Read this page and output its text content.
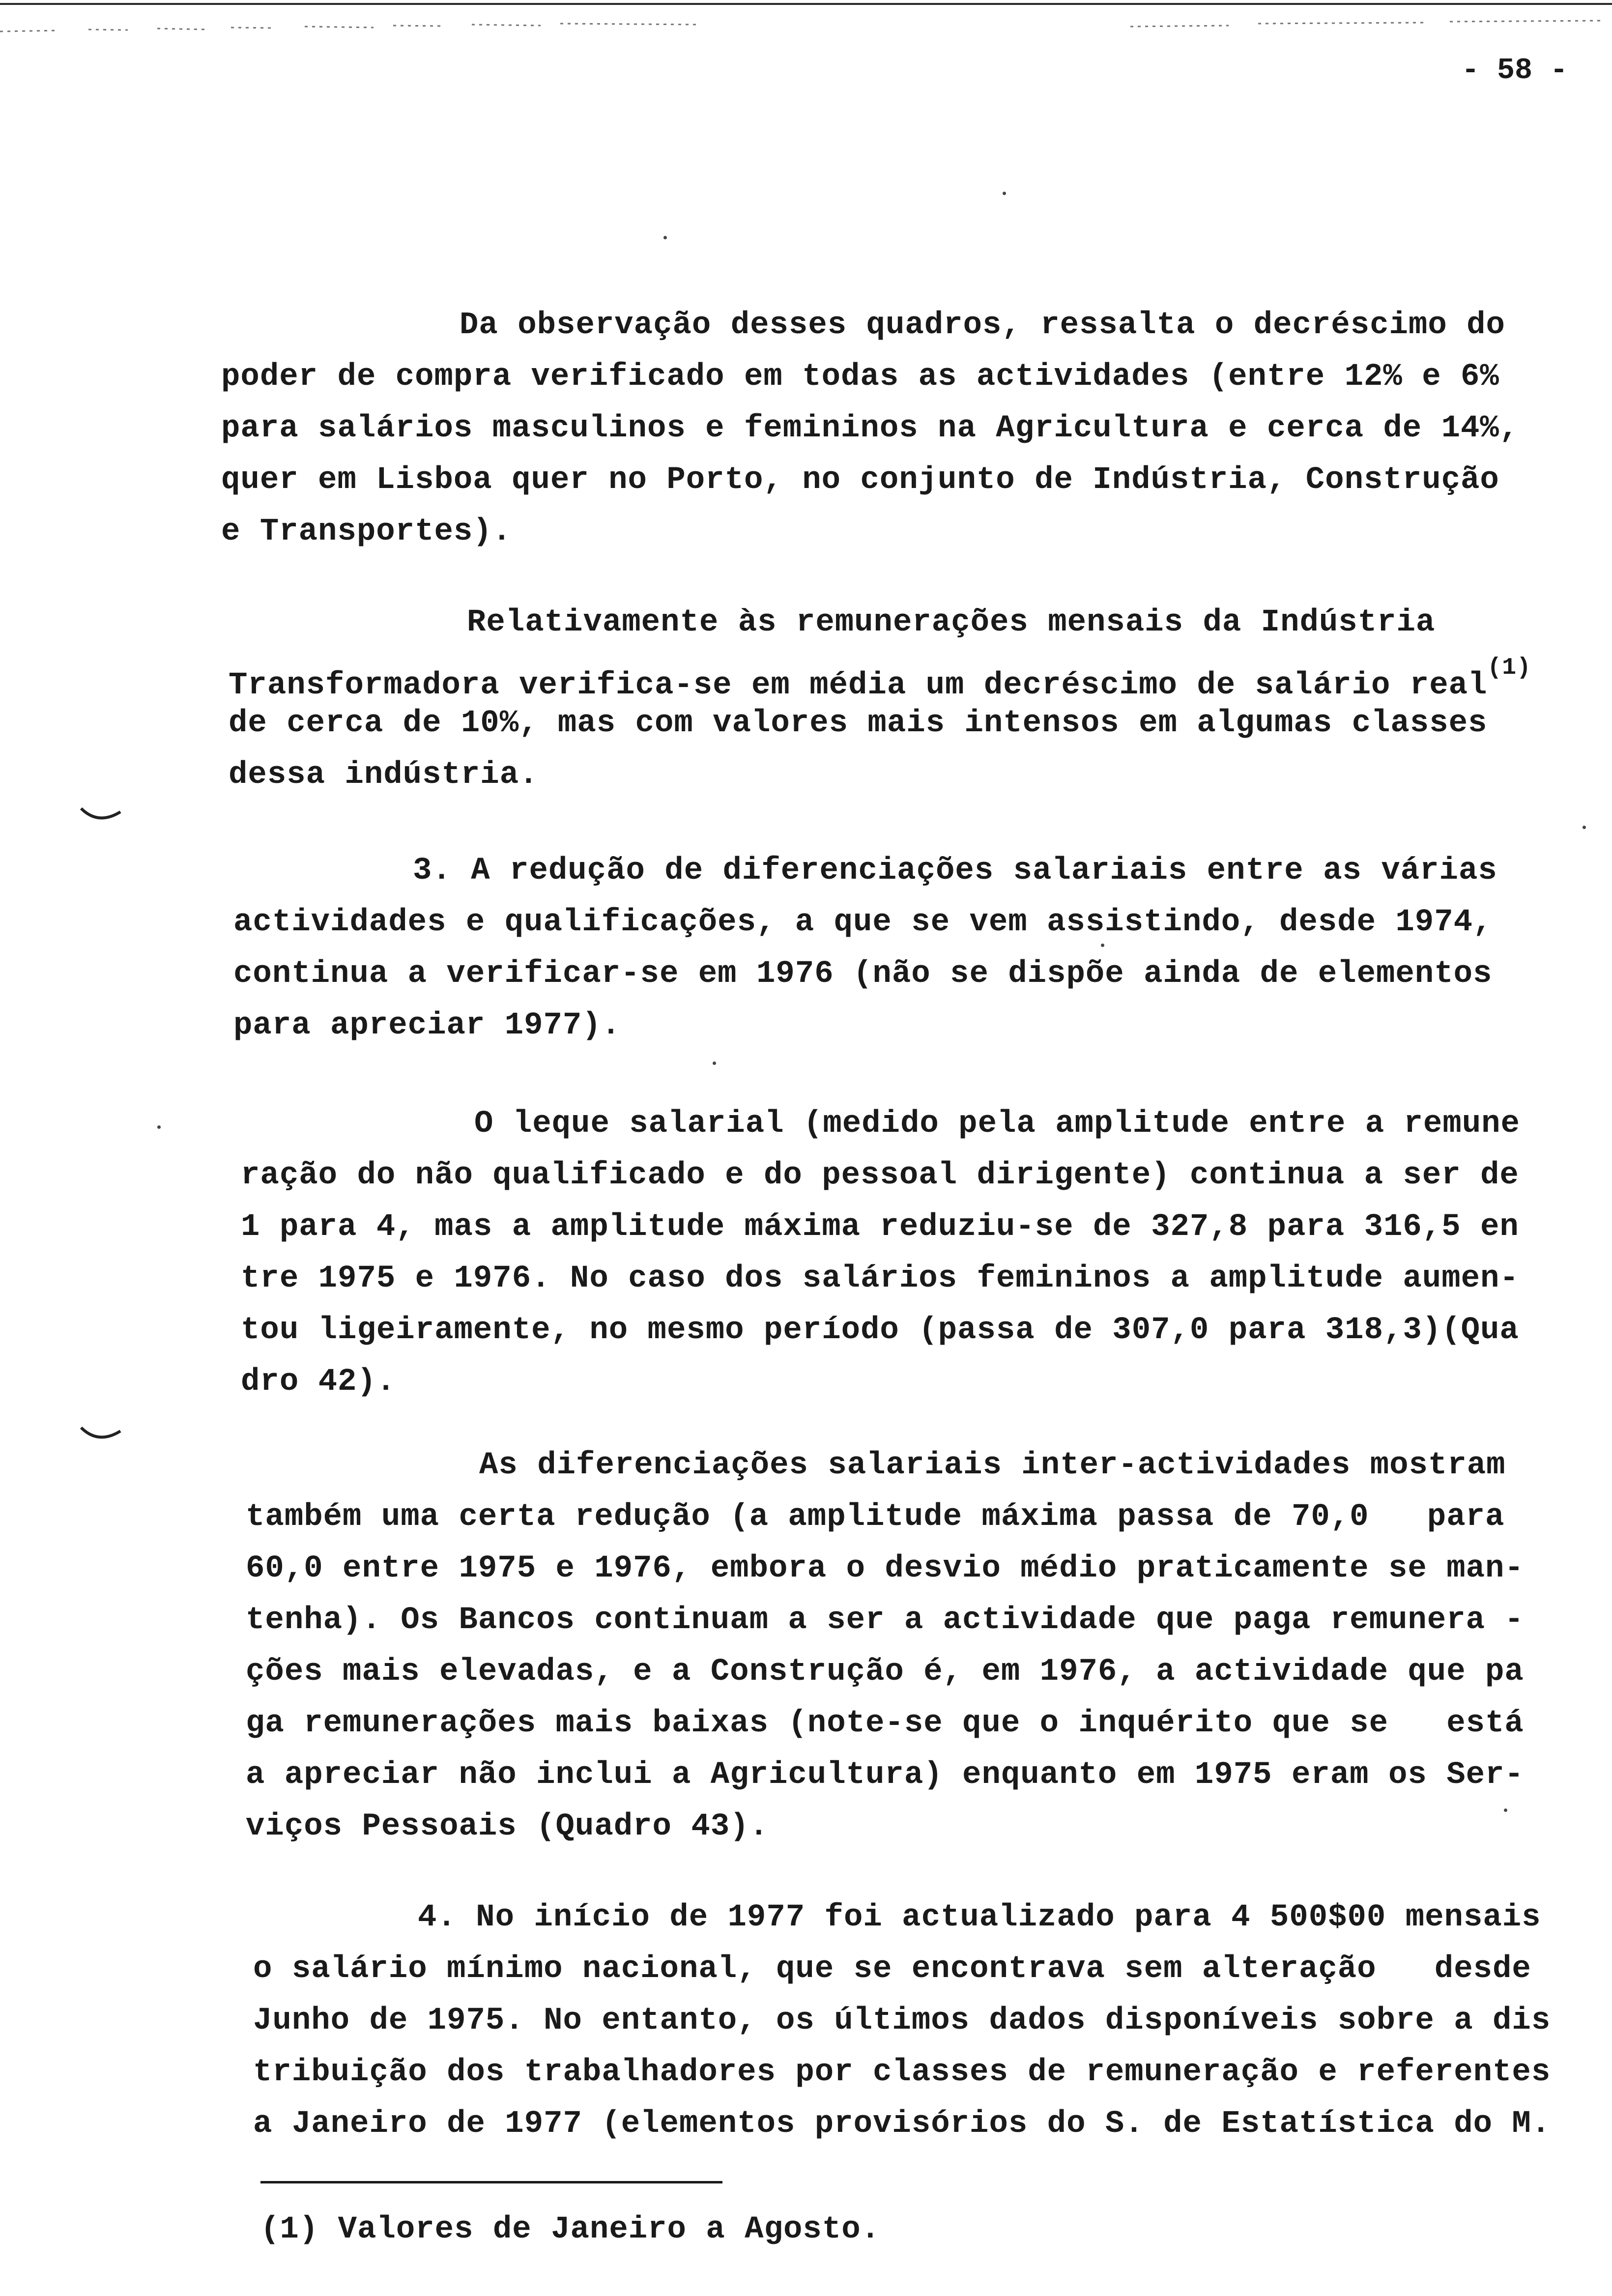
- 58 -
Da observação desses quadros, ressalta o decréscimo do
poder de compra verificado em todas as actividades (entre 12% e 6%
para salários masculinos e femininos na Agricultura e cerca de 14%,
quer em Lisboa quer no Porto, no conjunto de Indústria, Construção
e Transportes).
Relativamente às remunerações mensais da Indústria
Transformadora verifica-se em média um decréscimo de salário real$^{(1)}$
de cerca de 10%, mas com valores mais intensos em algumas classes
dessa indústria.
3. A redução de diferenciações salariais entre as várias
actividades e qualificações, a que se vem assistindo, desde 1974,
continua a verificar-se em 1976 (não se dispõe ainda de elementos
para apreciar 1977).
O leque salarial (medido pela amplitude entre a remune
ração do não qualificado e do pessoal dirigente) continua a ser de
1 para 4, mas a amplitude máxima reduziu-se de 327,8 para 316,5 en
tre 1975 e 1976. No caso dos salários femininos a amplitude aumen-
tou ligeiramente, no mesmo período (passa de 307,0 para 318,3)(Qua
dro 42).
As diferenciações salariais inter-actividades mostram
também uma certa redução (a amplitude máxima passa de 70,0   para
60,0 entre 1975 e 1976, embora o desvio médio praticamente se man-
tenha). Os Bancos continuam a ser a actividade que paga remunera -
ções mais elevadas, e a Construção é, em 1976, a actividade que pa
ga remunerações mais baixas (note-se que o inquérito que se   está
a apreciar não inclui a Agricultura) enquanto em 1975 eram os Ser-
viços Pessoais (Quadro 43).
4. No início de 1977 foi actualizado para 4 500$00 mensais
o salário mínimo nacional, que se encontrava sem alteração   desde
Junho de 1975. No entanto, os últimos dados disponíveis sobre a dis
tribuição dos trabalhadores por classes de remuneração e referentes
a Janeiro de 1977 (elementos provisórios do S. de Estatística do M.
(1) Valores de Janeiro a Agosto.
